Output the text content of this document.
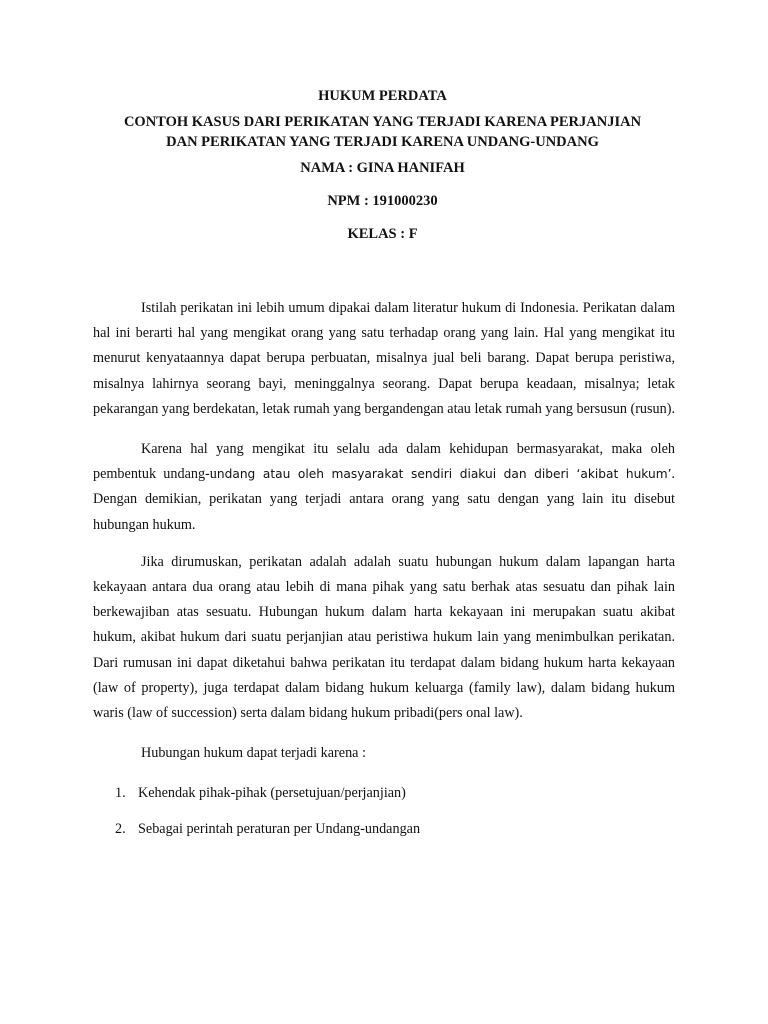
HUKUM PERDATA
CONTOH KASUS DARI PERIKATAN YANG TERJADI KARENA PERJANJIAN
DAN PERIKATAN YANG TERJADI KARENA UNDANG-UNDANG
NAMA : GINA HANIFAH
NPM : 191000230
KELAS : F

Istilah perikatan ini lebih umum dipakai dalam literatur hukum di Indonesia. Perikatan dalam hal ini berarti hal yang mengikat orang yang satu terhadap orang yang lain. Hal yang mengikat itu menurut kenyataannya dapat berupa perbuatan, misalnya jual beli barang. Dapat berupa peristiwa, misalnya lahirnya seorang bayi, meninggalnya seorang. Dapat berupa keadaan, misalnya; letak pekarangan yang berdekatan, letak rumah yang bergandengan atau letak rumah yang bersusun (rusun).

Karena hal yang mengikat itu selalu ada dalam kehidupan bermasyarakat, maka oleh pembentuk undang-undang atau oleh masyarakat sendiri diakui dan diberi ‘akibat hukum’. Dengan demikian, perikatan yang terjadi antara orang yang satu dengan yang lain itu disebut hubungan hukum.

Jika dirumuskan, perikatan adalah adalah suatu hubungan hukum dalam lapangan harta kekayaan antara dua orang atau lebih di mana pihak yang satu berhak atas sesuatu dan pihak lain berkewajiban atas sesuatu. Hubungan hukum dalam harta kekayaan ini merupakan suatu akibat hukum, akibat hukum dari suatu perjanjian atau peristiwa hukum lain yang menimbulkan perikatan. Dari rumusan ini dapat diketahui bahwa perikatan itu terdapat dalam bidang hukum harta kekayaan (law of property), juga terdapat dalam bidang hukum keluarga (family law), dalam bidang hukum waris (law of succession) serta dalam bidang hukum pribadi(pers onal law).

Hubungan hukum dapat terjadi karena :

1. Kehendak pihak-pihak (persetujuan/perjanjian)
2. Sebagai perintah peraturan per Undang-undangan
